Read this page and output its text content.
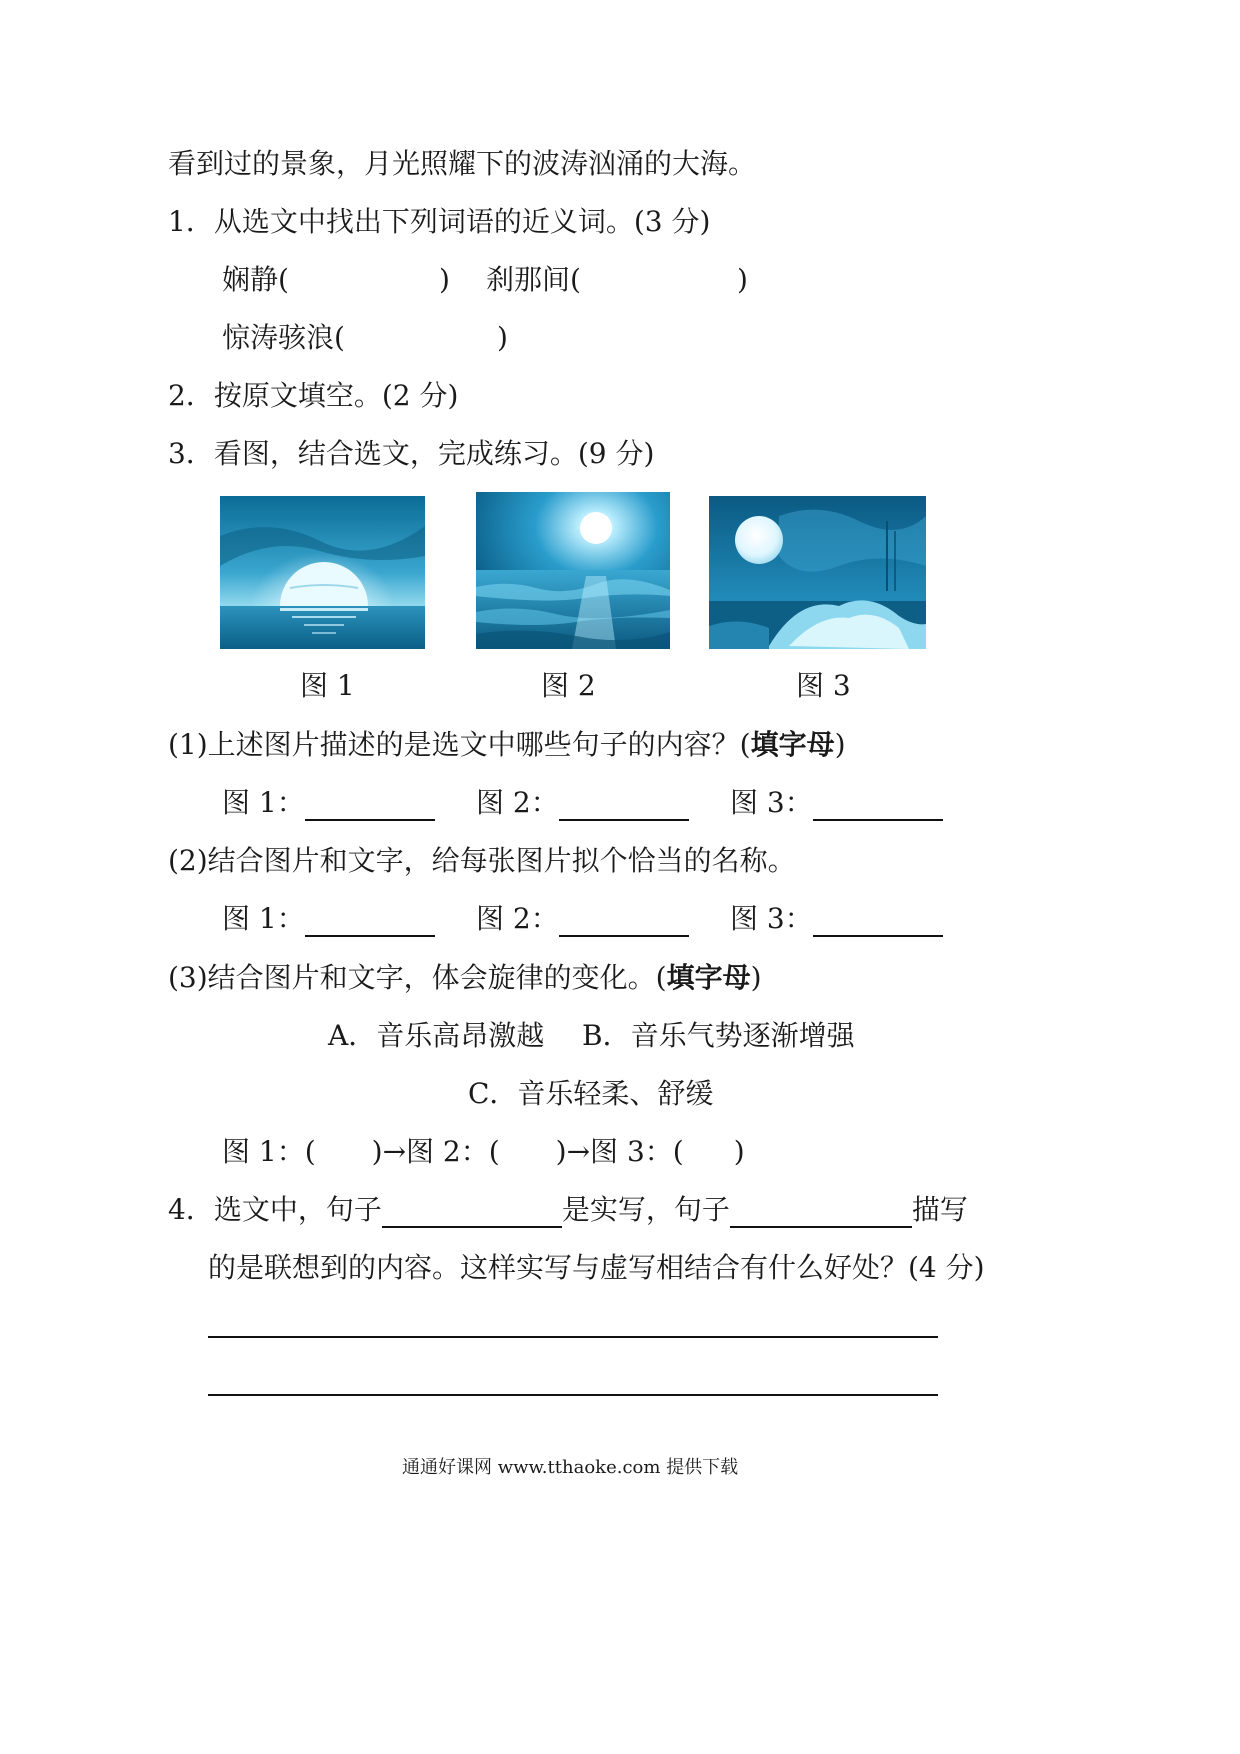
看到过的景象，月光照耀下的波涛汹涌的大海。
1．从选文中找出下列词语的近义词。(3 分)
娴静(	) 刹那间(	)
惊涛骇浪(	)
2．按原文填空。(2 分)
3．看图，结合选文，完成练习。(9 分)
图 1	图 2	图 3
(1)上述图片描述的是选文中哪些句子的内容？(填字母)
图 1：	图 2：	图 3：
(2)结合图片和文字，给每张图片拟个恰当的名称。
图 1：	图 2：	图 3：
(3)结合图片和文字，体会旋律的变化。(填字母)
A．音乐高昂激越 B．音乐气势逐渐增强
C．音乐轻柔、舒缓
图 1：( )→图 2：( )→图 3：( )
4．选文中，句子	是实写，句子	描写
的是联想到的内容。这样实写与虚写相结合有什么好处？(4 分)
通通好课网 www.tthaoke.com 提供下载
